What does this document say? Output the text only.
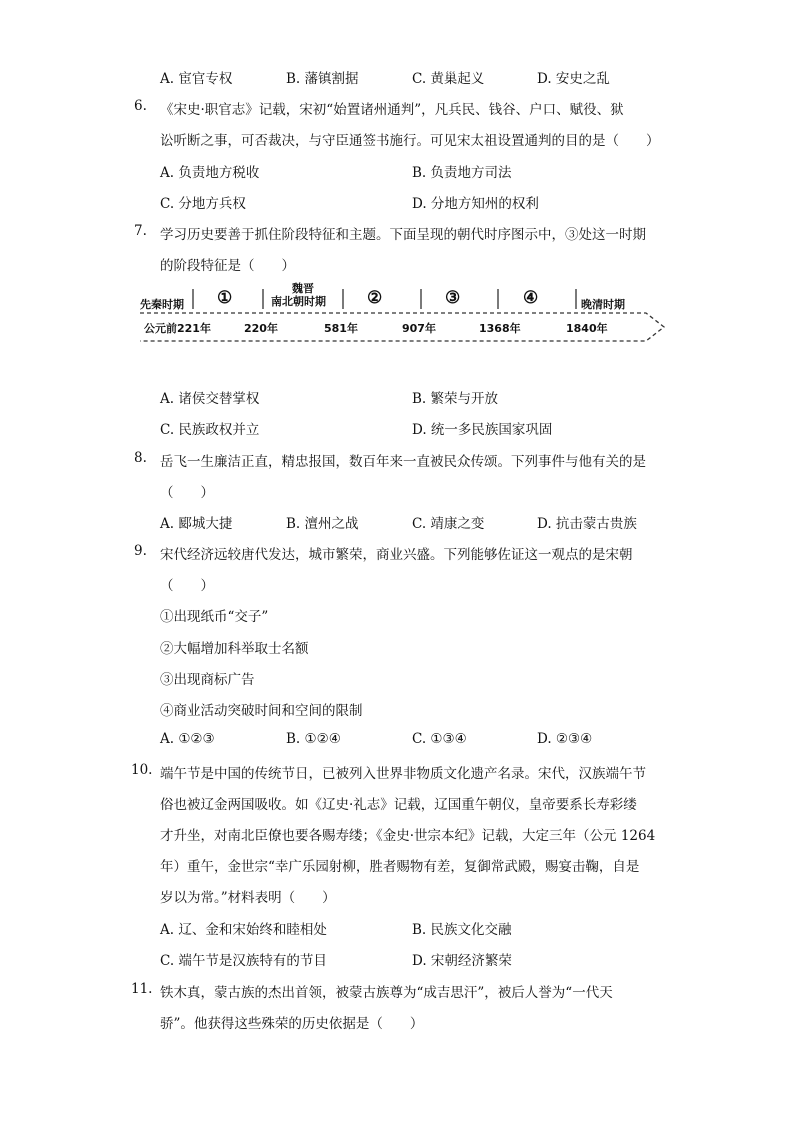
A. 宦官专权	B. 藩镇割据	C. 黄巢起义	D. 安史之乱
6. 《宋史·职官志》记载，宋初“始置诸州通判”，凡兵民、钱谷、户口、赋役、狱
讼听断之事，可否裁决，与守臣通签书施行。可见宋太祖设置通判的目的是（　　）
A. 负责地方税收	B. 负责地方司法
C. 分地方兵权	D. 分地方知州的权利
7. 学习历史要善于抓住阶段特征和主题。下面呈现的朝代时序图示中，③处这一时期
的阶段特征是（　　）
先秦时期 ①	魏晋
南北朝时期 ②	③	④	晚清时期
公元前221年	220年	581年	907年	1368年	1840年
A. 诸侯交替掌权	B. 繁荣与开放
C. 民族政权并立	D. 统一多民族国家巩固
8. 岳飞一生廉洁正直，精忠报国，数百年来一直被民众传颂。下列事件与他有关的是
（　　）
A. 郾城大捷	B. 澶州之战	C. 靖康之变	D. 抗击蒙古贵族
9. 宋代经济远较唐代发达，城市繁荣，商业兴盛。下列能够佐证这一观点的是宋朝
（　　）
①出现纸币“交子”
②大幅增加科举取士名额
③出现商标广告
④商业活动突破时间和空间的限制
A. ①②③	B. ①②④	C. ①③④	D. ②③④
10. 端午节是中国的传统节日，已被列入世界非物质文化遗产名录。宋代，汉族端午节
俗也被辽金两国吸收。如《辽史·礼志》记载，辽国重午朝仪，皇帝要系长寿彩缕
才升坐，对南北臣僚也要各赐寿缕；《金史·世宗本纪》记载，大定三年（公元 1264
年）重午，金世宗“幸广乐园射柳，胜者赐物有差，复御常武殿，赐宴击鞠，自是
岁以为常。”材料表明（　　）
A. 辽、金和宋始终和睦相处	B. 民族文化交融
C. 端午节是汉族特有的节目	D. 宋朝经济繁荣
11. 铁木真，蒙古族的杰出首领，被蒙古族尊为“成吉思汗”，被后人誉为“一代天
骄”。他获得这些殊荣的历史依据是（　　）
